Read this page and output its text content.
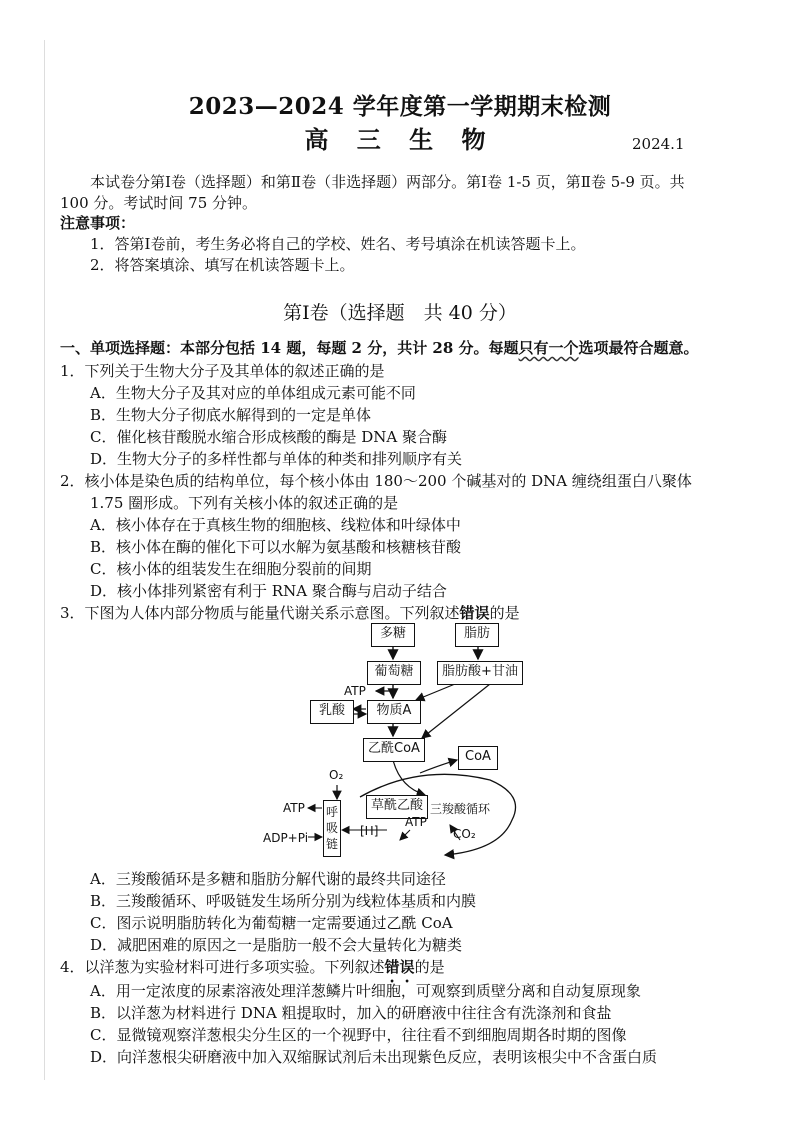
2023—2024 学年度第一学期期末检测
高 三 生 物	2024.1
本试卷分第Ⅰ卷（选择题）和第Ⅱ卷（非选择题）两部分。第Ⅰ卷 1-5 页，第Ⅱ卷 5-9 页。共
100 分。考试时间 75 分钟。
注意事项：
1．答第Ⅰ卷前，考生务必将自己的学校、姓名、考号填涂在机读答题卡上。
2．将答案填涂、填写在机读答题卡上。
第Ⅰ卷（选择题　共 40 分）
一、单项选择题：本部分包括 14 题，每题 2 分，共计 28 分。每题只有一个选项最符合题意。
1．下列关于生物大分子及其单体的叙述正确的是
A．生物大分子及其对应的单体组成元素可能不同
B．生物大分子彻底水解得到的一定是单体
C．催化核苷酸脱水缩合形成核酸的酶是 DNA 聚合酶
D．生物大分子的多样性都与单体的种类和排列顺序有关
2．核小体是染色质的结构单位，每个核小体由 180～200 个碱基对的 DNA 缠绕组蛋白八聚体
1.75 圈形成。下列有关核小体的叙述正确的是
A．核小体存在于真核生物的细胞核、线粒体和叶绿体中
B．核小体在酶的催化下可以水解为氨基酸和核糖核苷酸
C．核小体的组装发生在细胞分裂前的间期
D．核小体排列紧密有利于 RNA 聚合酶与启动子结合
3．下图为人体内部分物质与能量代谢关系示意图。下列叙述错误的是
多糖	脂肪
葡萄糖	脂肪酸+甘油
ATP
乳酸	物质A
乙酰CoA
CoA
O₂
草酰乙酸 三羧酸循环
ATP
ADP+Pi
呼吸链
[H]
ATP
CO₂
A．三羧酸循环是多糖和脂肪分解代谢的最终共同途径
B．三羧酸循环、呼吸链发生场所分别为线粒体基质和内膜
C．图示说明脂肪转化为葡萄糖一定需要通过乙酰 CoA
D．减肥困难的原因之一是脂肪一般不会大量转化为糖类
4．以洋葱为实验材料可进行多项实验。下列叙述错误的是
A．用一定浓度的尿素溶液处理洋葱鳞片叶细胞，可观察到质壁分离和自动复原现象
B．以洋葱为材料进行 DNA 粗提取时，加入的研磨液中往往含有洗涤剂和食盐
C．显微镜观察洋葱根尖分生区的一个视野中，往往看不到细胞周期各时期的图像
D．向洋葱根尖研磨液中加入双缩脲试剂后未出现紫色反应，表明该根尖中不含蛋白质
